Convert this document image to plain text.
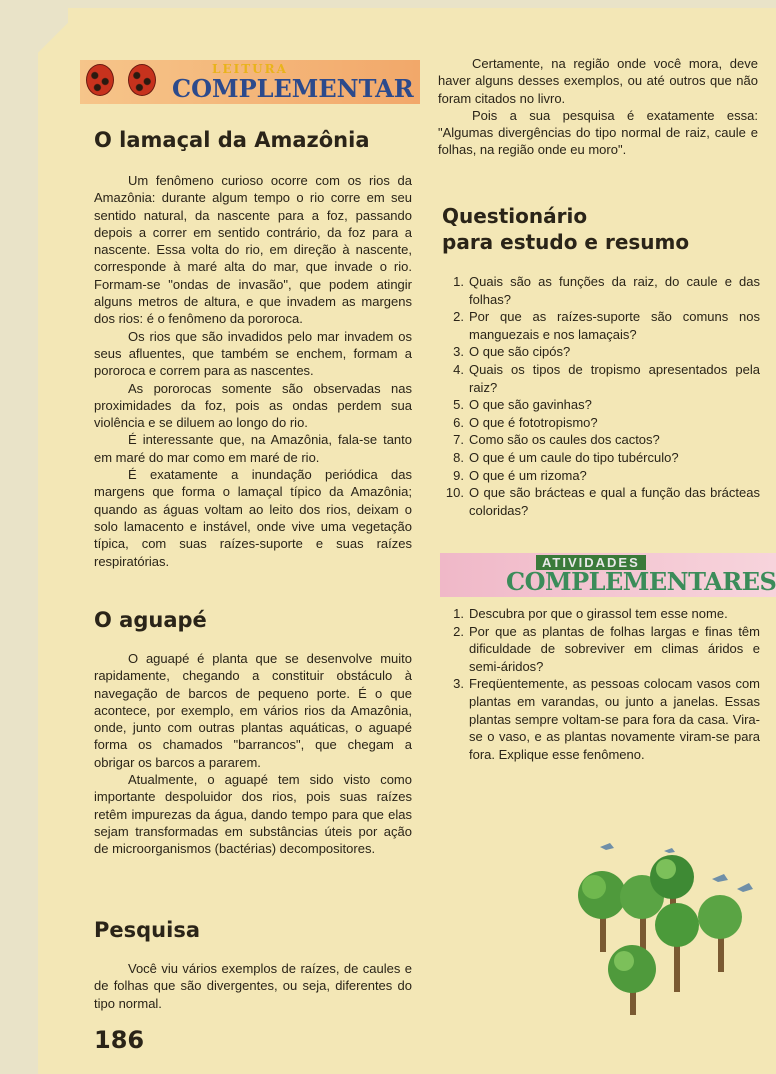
LEITURA
COMPLEMENTAR
O lamaçal da Amazônia

Um fenômeno curioso ocorre com os rios da Amazônia: durante algum tempo o rio corre em seu sentido natural, da nascente para a foz, passando depois a correr em sentido contrário, da foz para a nascente. Essa volta do rio, em direção à nascente, corresponde à maré alta do mar, que invade o rio. Formam-se "ondas de invasão", que podem atingir alguns metros de altura, e que invadem as margens dos rios: é o fenômeno da pororoca.

Os rios que são invadidos pelo mar invadem os seus afluentes, que também se enchem, formam a pororoca e correm para as nascentes.

As pororocas somente são observadas nas proximidades da foz, pois as ondas perdem sua violência e se diluem ao longo do rio.

É interessante que, na Amazônia, fala-se tanto em maré do mar como em maré de rio.

É exatamente a inundação periódica das margens que forma o lamaçal típico da Amazônia; quando as águas voltam ao leito dos rios, deixam o solo lamacento e instável, onde vive uma vegetação típica, com suas raízes-suporte e suas raízes respiratórias.

O aguapé

O aguapé é planta que se desenvolve muito rapidamente, chegando a constituir obstáculo à navegação de barcos de pequeno porte. É o que acontece, por exemplo, em vários rios da Amazônia, onde, junto com outras plantas aquáticas, o aguapé forma os chamados "barrancos", que chegam a obrigar os barcos a pararem.

Atualmente, o aguapé tem sido visto como importante despoluidor dos rios, pois suas raízes retêm impurezas da água, dando tempo para que elas sejam transformadas em substâncias úteis por ação de microorganismos (bactérias) decompositores.

Pesquisa

Você viu vários exemplos de raízes, de caules e de folhas que são divergentes, ou seja, diferentes do tipo normal.

186

Certamente, na região onde você mora, deve haver alguns desses exemplos, ou até outros que não foram citados no livro.

Pois a sua pesquisa é exatamente essa: "Algumas divergências do tipo normal de raiz, caule e folhas, na região onde eu moro".

Questionário
para estudo e resumo
1. Quais são as funções da raiz, do caule e das folhas?
2. Por que as raízes-suporte são comuns nos manguezais e nos lamaçais?
3. O que são cipós?
4. Quais os tipos de tropismo apresentados pela raiz?
5. O que são gavinhas?
6. O que é fototropismo?
7. Como são os caules dos cactos?
8. O que é um caule do tipo tubérculo?
9. O que é um rizoma?
10. O que são brácteas e qual a função das brácteas coloridas?
ATIVIDADES
COMPLEMENTARES
1. Descubra por que o girassol tem esse nome.
2. Por que as plantas de folhas largas e finas têm dificuldade de sobreviver em climas áridos e semi-áridos?
3. Freqüentemente, as pessoas colocam vasos com plantas em varandas, ou junto a janelas. Essas plantas sempre voltam-se para fora da casa. Vira-se o vaso, e as plantas novamente viram-se para fora. Explique esse fenômeno.
